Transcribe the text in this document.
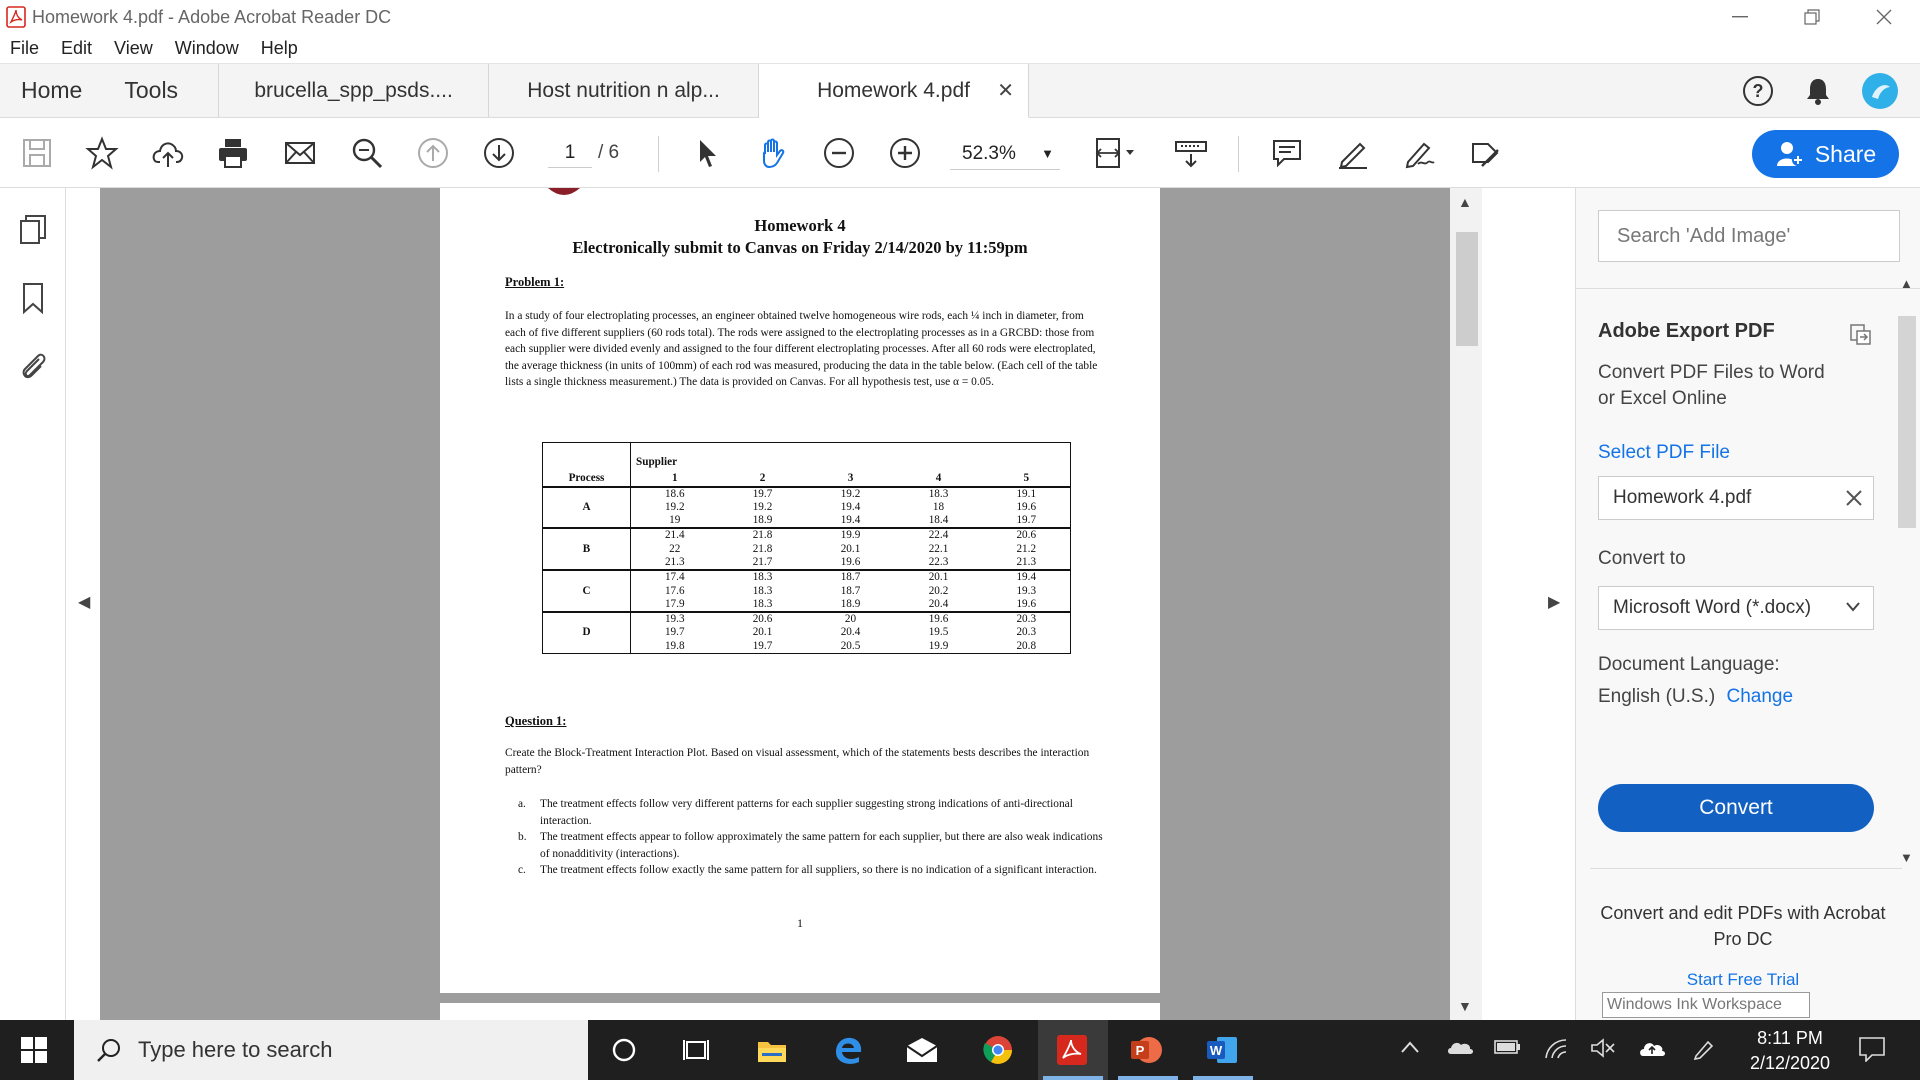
Homework 4.pdf - Adobe Acrobat Reader DC
File Edit View Window Help
Home	Tools	brucella_spp_psds....	Host nutrition n alp...	Homework 4.pdf ✕	?
1	/ 6	52.3% ▼	Share
◀
Homework 4
Electronically submit to Canvas on Friday 2/14/2020 by 11:59pm
Problem 1:
In a study of four electroplating processes, an engineer obtained twelve homogeneous wire rods, each ¼ inch in diameter, from each of five different suppliers (60 rods total). The rods were assigned to the electroplating processes as in a GRCBD: those from each supplier were divided evenly and assigned to the four different electroplating processes. After all 60 rods were electroplated, the average thickness (in units of 100mm) of each rod was measured, producing the data in the table below. (Each cell of the table lists a single thickness measurement.) The data is provided on Canvas. For all hypothesis test, use α = 0.05.
Process	Supplier				
	1	2	3	4	5
A	18.6	19.7	19.2	18.3	19.1
	19.2	19.2	19.4	18	19.6
	19	18.9	19.4	18.4	19.7
B	21.4	21.8	19.9	22.4	20.6
	22	21.8	20.1	22.1	21.2
	21.3	21.7	19.6	22.3	21.3
C	17.4	18.3	18.7	20.1	19.4
	17.6	18.3	18.7	20.2	19.3
	17.9	18.3	18.9	20.4	19.6
D	19.3	20.6	20	19.6	20.3
	19.7	20.1	20.4	19.5	20.3
	19.8	19.7	20.5	19.9	20.8
Question 1:
Create the Block-Treatment Interaction Plot. Based on visual assessment, which of the statements bests describes the interaction pattern?
a. The treatment effects follow very different patterns for each supplier suggesting strong indications of anti-directional interaction.
b. The treatment effects appear to follow approximately the same pattern for each supplier, but there are also weak indications of nonadditivity (interactions).
c. The treatment effects follow exactly the same pattern for all suppliers, so there is no indication of a significant interaction.
1
▲
▼
▶
Search 'Add Image'
Adobe Export PDF
Convert PDF Files to Word or Excel Online
Select PDF File
Homework 4.pdf
Convert to
Microsoft Word (*.docx)
Document Language:
English (U.S.) Change
Convert
Convert and edit PDFs with Acrobat Pro DC
Start Free Trial
▲
▼
Windows Ink Workspace
Type here to search	P	W
8:11 PM
2/12/2020
